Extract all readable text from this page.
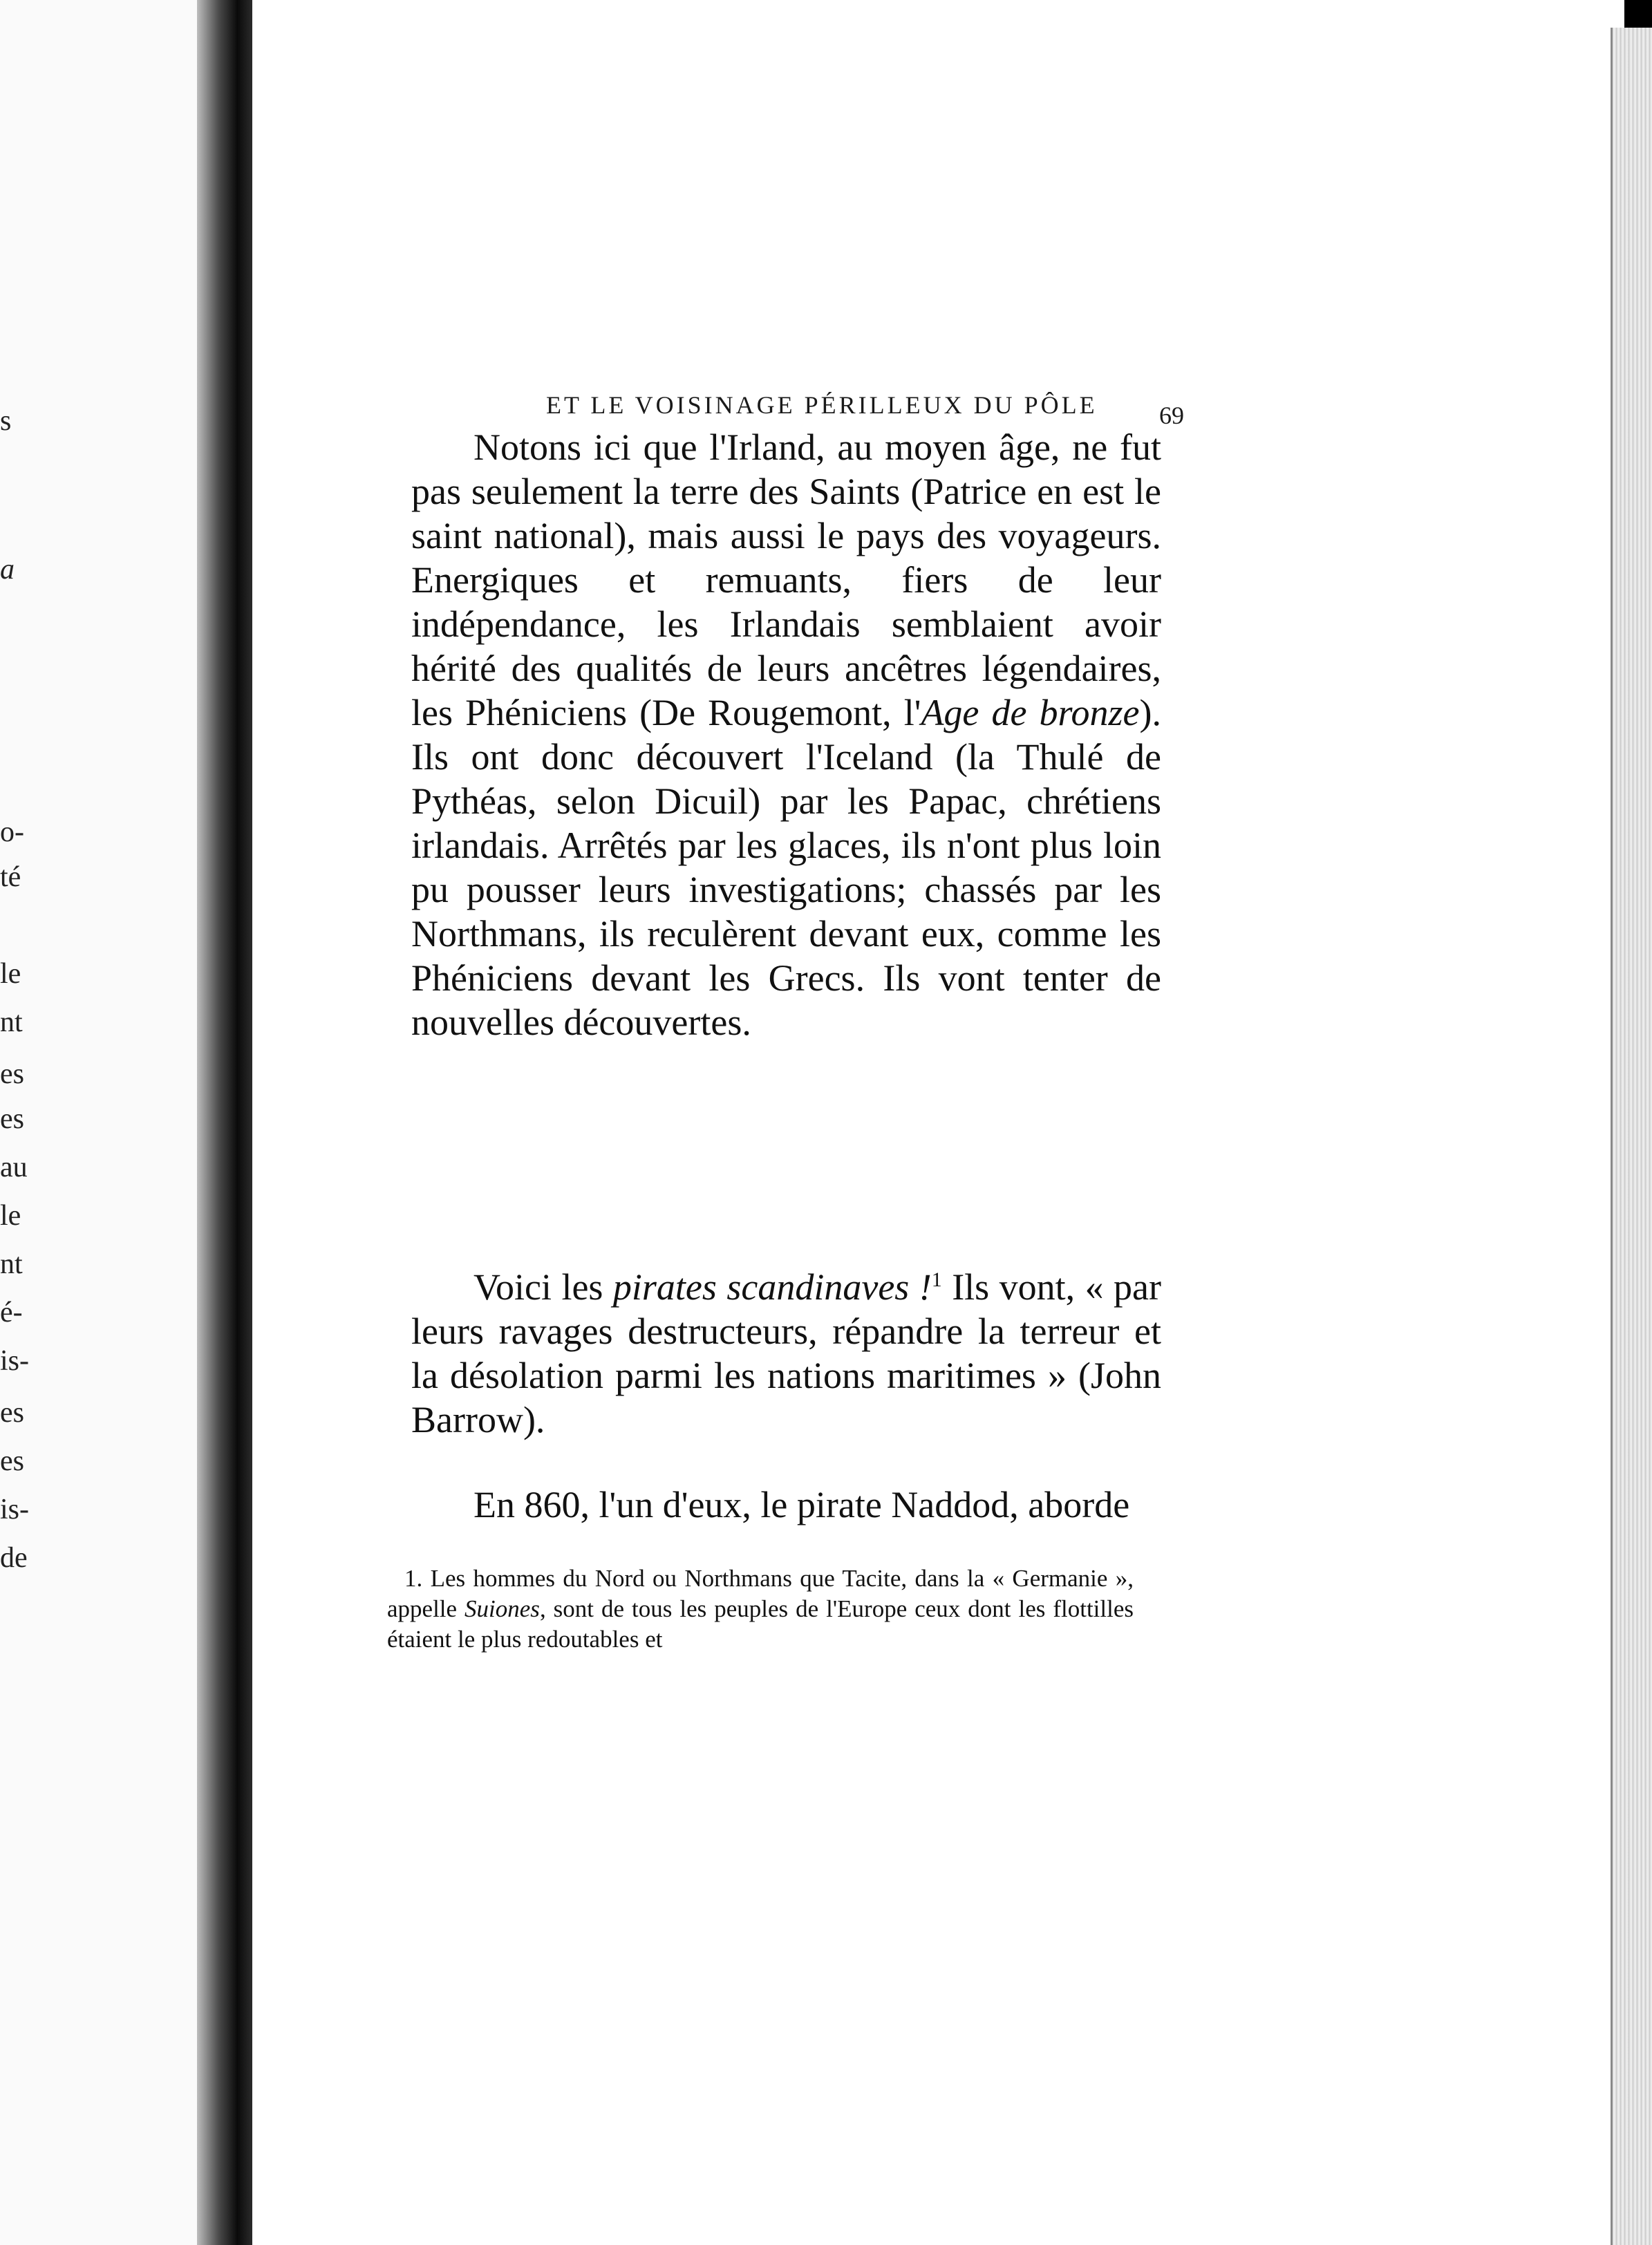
s
a
o-
té
le
nt
es
es
au
le
nt
é-
is-
es
es
is-
de
ET LE VOISINAGE PÉRILLEUX DU PÔLE	69

Notons ici que l'Irland, au moyen âge, ne fut pas seulement la terre des Saints (Patrice en est le saint national), mais aussi le pays des voyageurs. Energiques et remuants, fiers de leur indépendance, les Irlandais semblaient avoir hérité des qualités de leurs ancêtres légendaires, les Phéniciens (De Rougemont, l'Age de bronze). Ils ont donc découvert l'Iceland (la Thulé de Pythéas, selon Dicuil) par les Papac, chrétiens irlandais. Arrêtés par les glaces, ils n'ont plus loin pu pousser leurs investigations; chassés par les Northmans, ils reculèrent devant eux, comme les Phéniciens devant les Grecs. Ils vont tenter de nouvelles découvertes.

Voici les pirates scandinaves !$^1$ Ils vont, « par leurs ravages destructeurs, répandre la terreur et la désolation parmi les nations maritimes » (John Barrow).

En 860, l'un d'eux, le pirate Naddod, aborde

1. Les hommes du Nord ou Northmans que Tacite, dans la « Germanie », appelle Suiones, sont de tous les peuples de l'Europe ceux dont les flottilles étaient le plus redoutables et
